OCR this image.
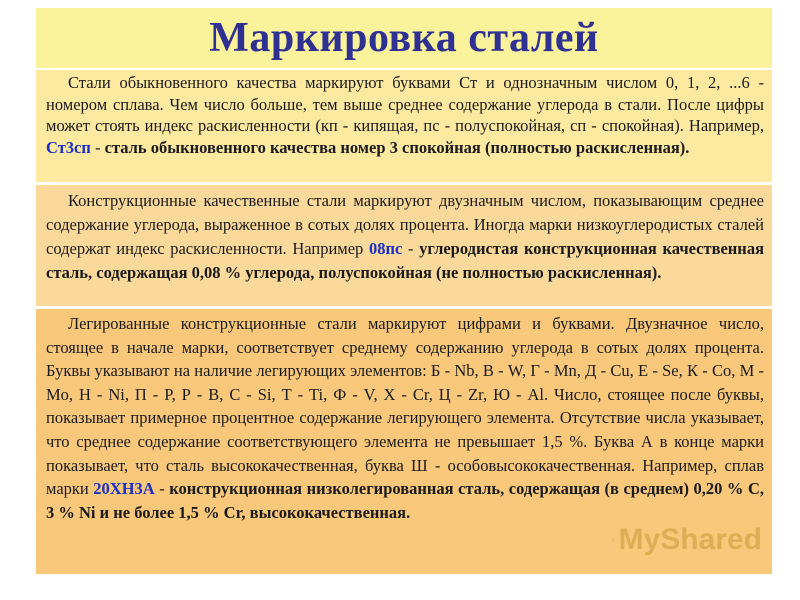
Маркировка сталей
Стали обыкновенного качества маркируют буквами Ст и однозначным числом 0, 1, 2, ...6 - номером сплава. Чем число больше, тем выше среднее содержание углерода в стали. После цифры может стоять индекс раскисленности (кп - кипящая, пс - полуспокойная, сп - спокойная). Например, Ст3сп - сталь обыкновенного качества номер 3 спокойная (полностью раскисленная).
Конструкционные качественные стали маркируют двузначным числом, показывающим среднее содержание углерода, выраженное в сотых долях процента. Иногда марки низкоуглеродистых сталей содержат индекс раскисленности. Например 08пс - углеродистая конструкционная качественная сталь, содержащая 0,08 % углерода, полуспокойная (не полностью раскисленная).
Легированные конструкционные стали маркируют цифрами и буквами. Двузначное число, стоящее в начале марки, соответствует среднему содержанию углерода в сотых долях процента. Буквы указывают на наличие легирующих элементов: Б - Nb, В - W, Г - Mn, Д - Cu, Е - Se, К - Co, М - Mo, Н - Ni, П - P, Р - B, С - Si, Т - Ti, Ф - V, Х - Cr, Ц - Zr, Ю - Al. Число, стоящее после буквы, показывает примерное процентное содержание легирующего элемента. Отсутствие числа указывает, что среднее содержание соответствующего элемента не превышает 1,5 %. Буква А в конце марки показывает, что сталь высококачественная, буква Ш - особовысококачественная. Например, сплав марки 20ХН3А - конструкционная низколегированная сталь, содержащая (в среднем) 0,20 % С, 3 % Ni и не более 1,5 % Cr, высококачественная.
MyShared
